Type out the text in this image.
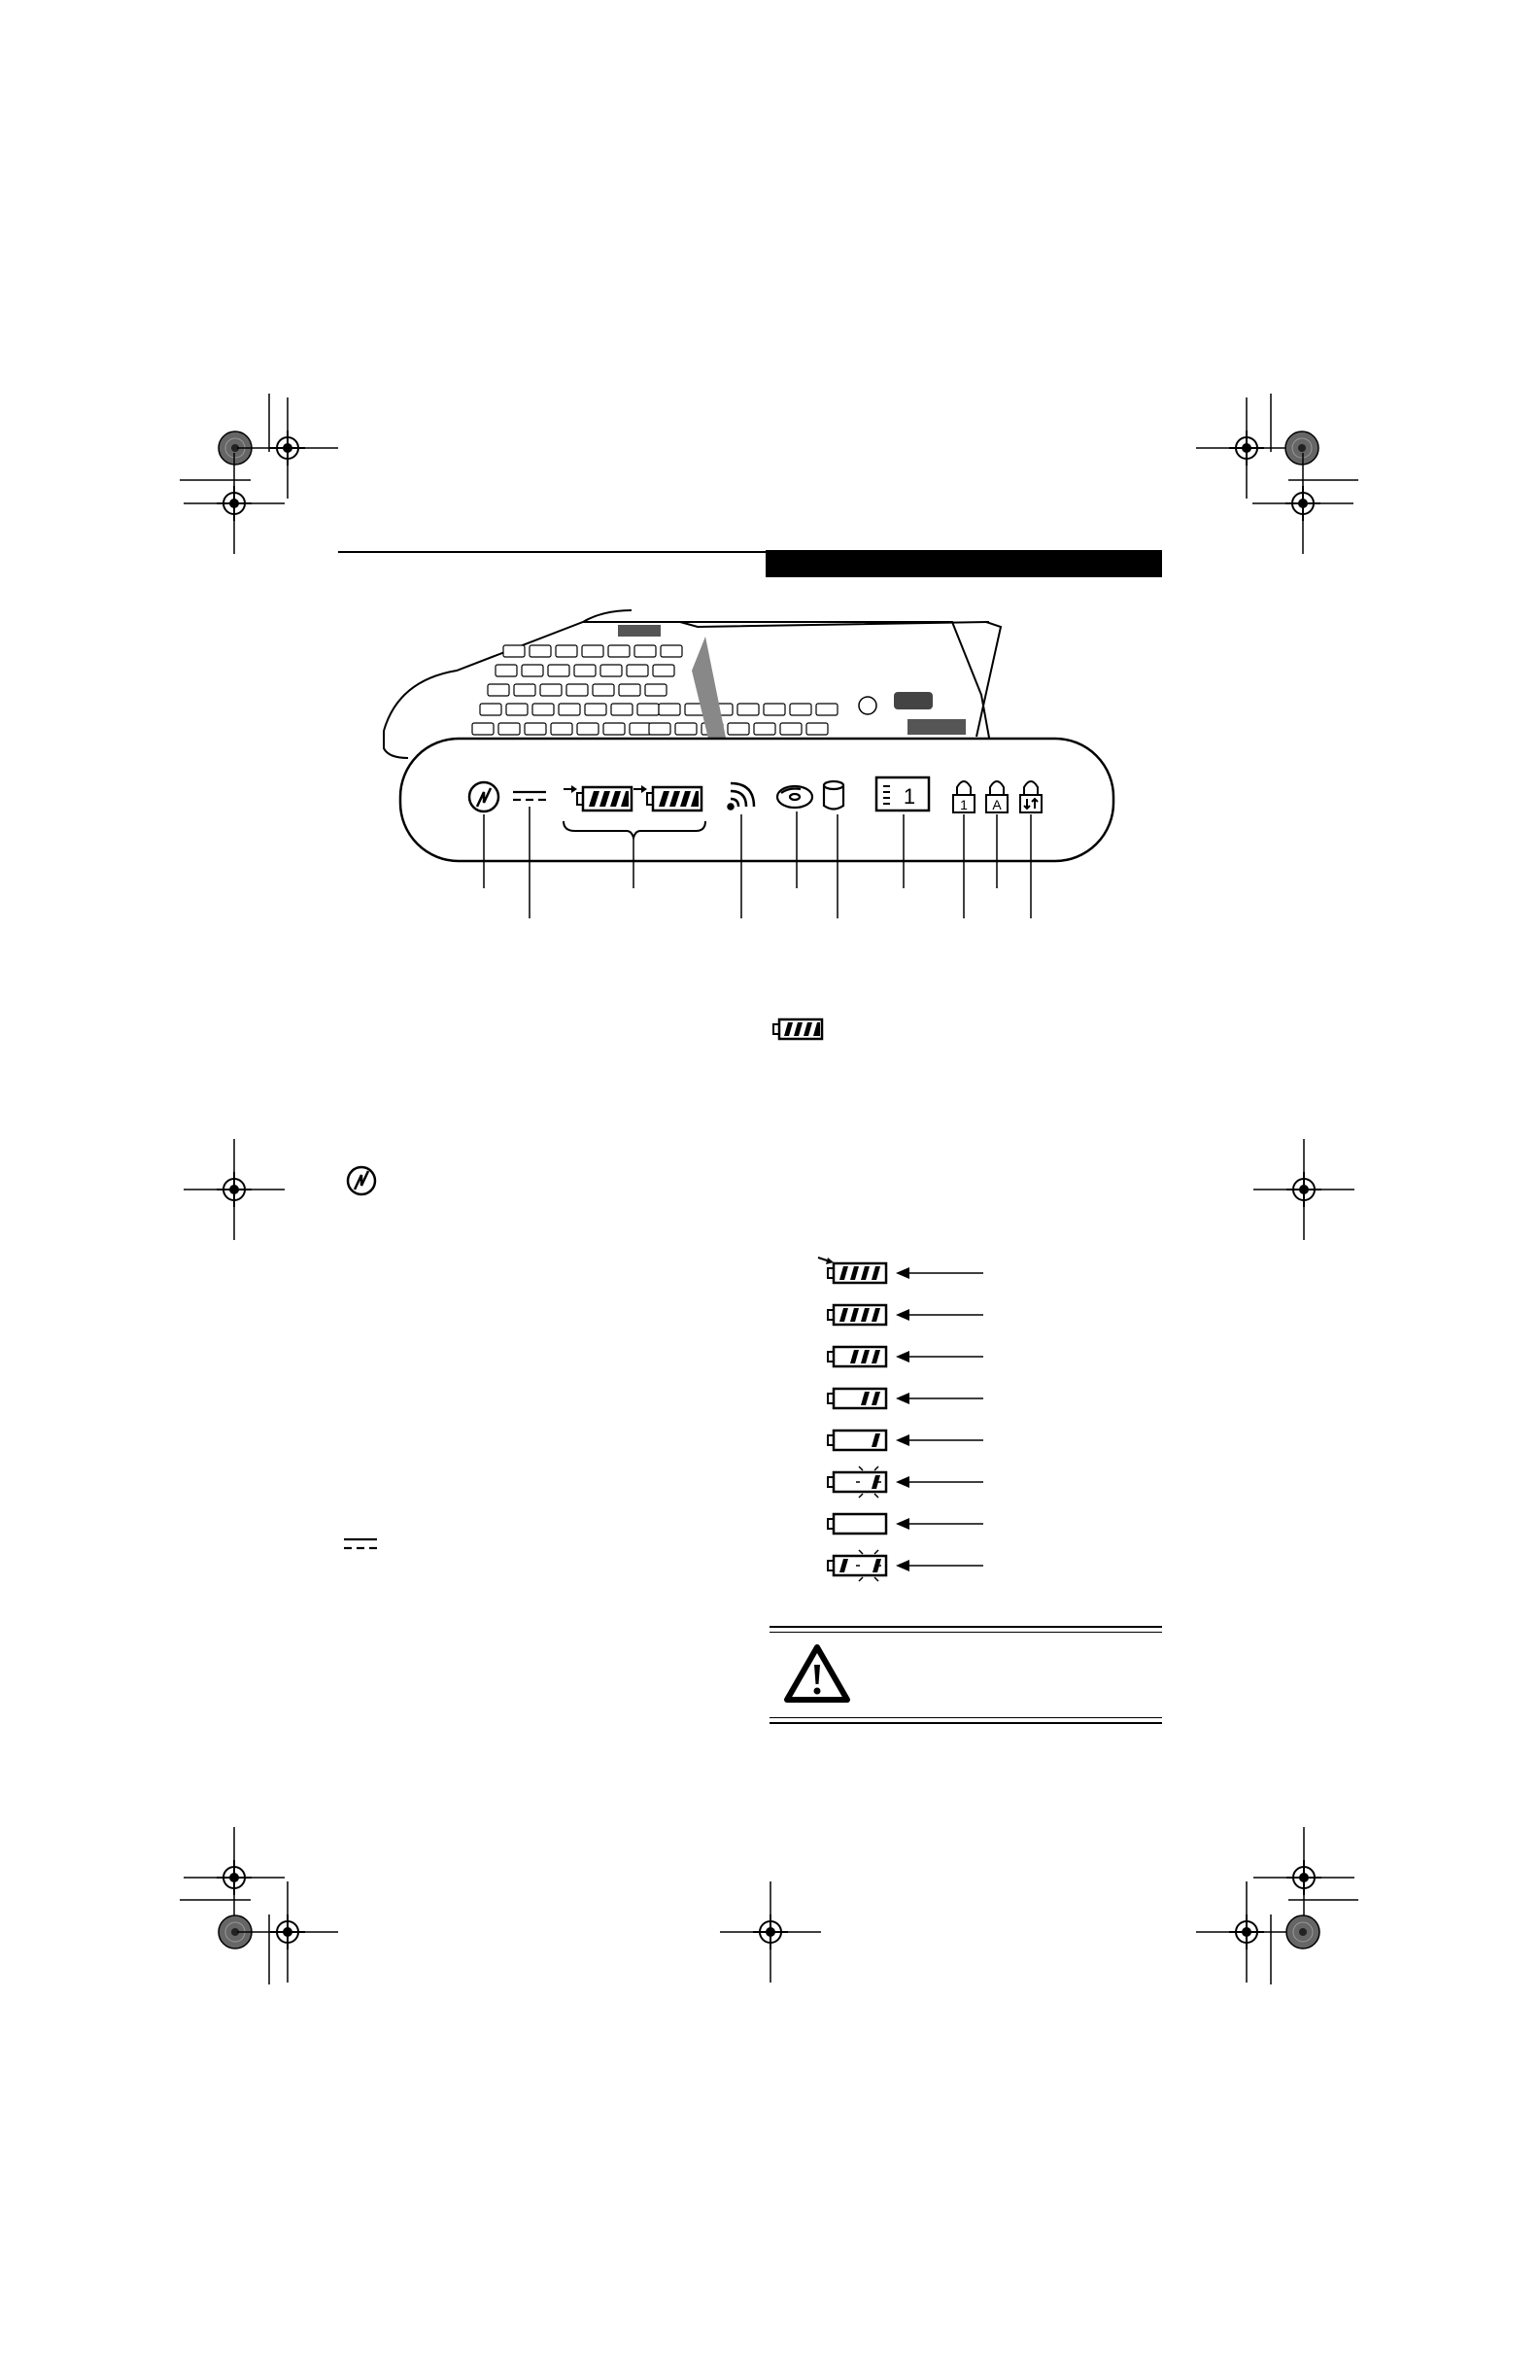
1	1 A
